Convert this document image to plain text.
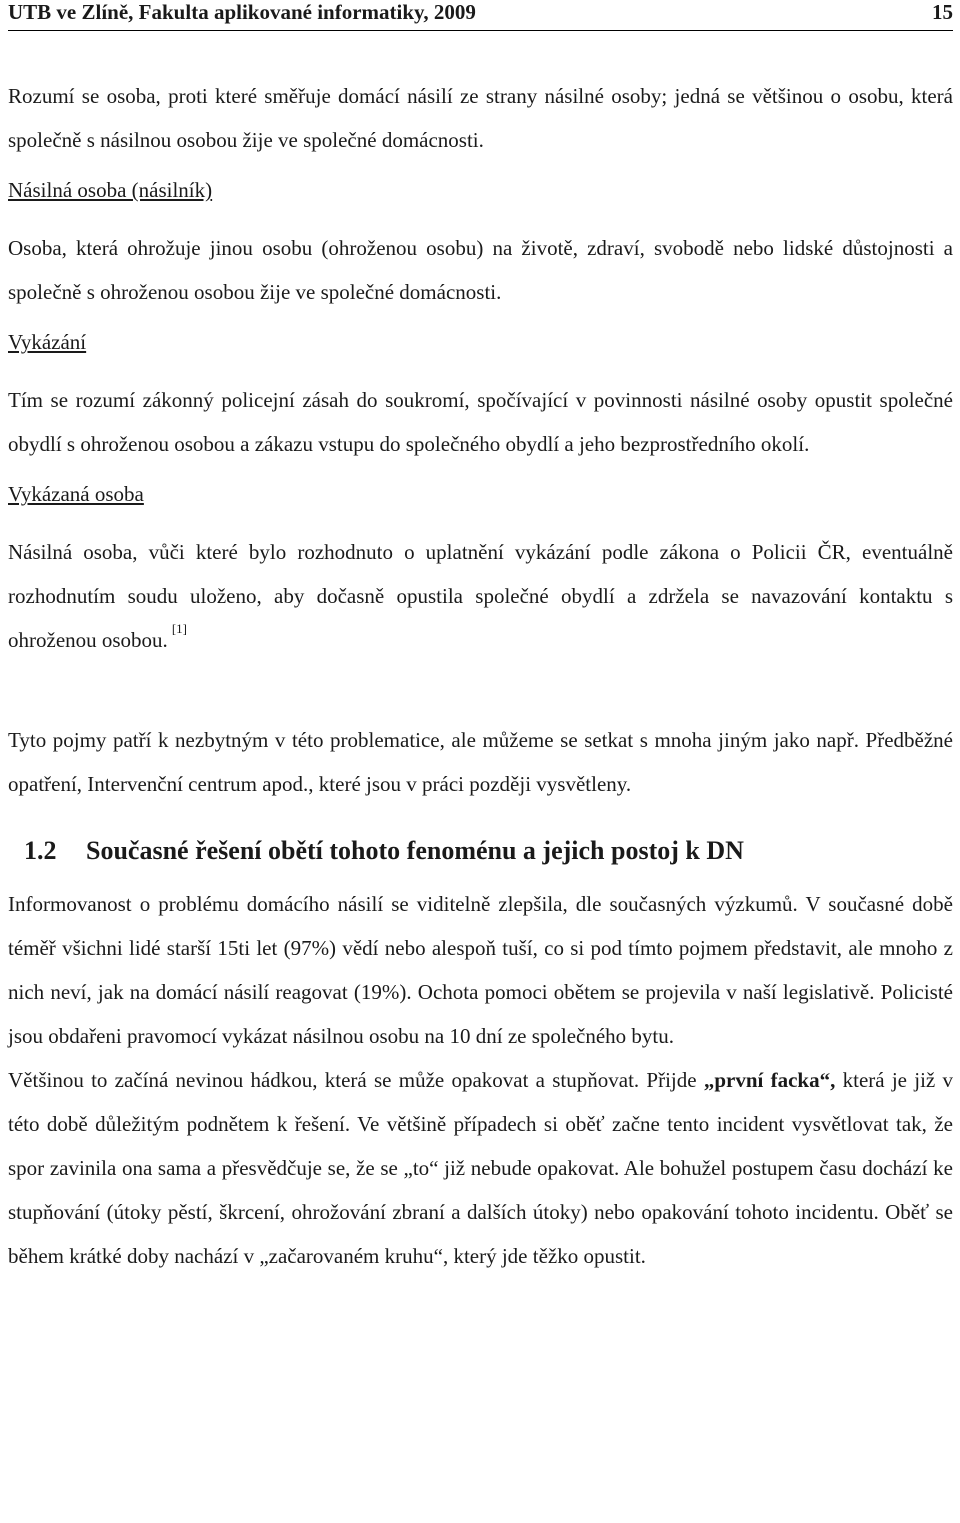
UTB ve Zlíně, Fakulta aplikované informatiky, 2009	15

Rozumí se osoba, proti které směřuje domácí násilí ze strany násilné osoby; jedná se většinou o osobu, která společně s násilnou osobou žije ve společné domácnosti.

Násilná osoba (násilník)

Osoba, která ohrožuje jinou osobu (ohroženou osobu) na životě, zdraví, svobodě nebo lidské důstojnosti a společně s ohroženou osobou žije ve společné domácnosti.

Vykázání

Tím se rozumí zákonný policejní zásah do soukromí, spočívající v povinnosti násilné osoby opustit společné obydlí s ohroženou osobou a zákazu vstupu do společného obydlí a jeho bezprostředního okolí.

Vykázaná osoba

Násilná osoba, vůči které bylo rozhodnuto o uplatnění vykázání podle zákona o Policii ČR, eventuálně rozhodnutím soudu uloženo, aby dočasně opustila společné obydlí a zdržela se navazování kontaktu s ohroženou osobou. [1]

Tyto pojmy patří k nezbytným v této problematice, ale můžeme se setkat s mnoha jiným jako např. Předběžné opatření, Intervenční centrum apod., které jsou v práci později vysvětleny.

1.2 Současné řešení obětí tohoto fenoménu a jejich postoj k DN

Informovanost o problému domácího násilí se viditelně zlepšila, dle současných výzkumů. V současné době téměř všichni lidé starší 15ti let (97%) vědí nebo alespoň tuší, co si pod tímto pojmem představit, ale mnoho z nich neví, jak na domácí násilí reagovat (19%). Ochota pomoci obětem se projevila v naší legislativě. Policisté jsou obdařeni pravomocí vykázat násilnou osobu na 10 dní ze společného bytu.

Většinou to začíná nevinou hádkou, která se může opakovat a stupňovat. Přijde „první facka“, která je již v této době důležitým podnětem k řešení. Ve většině případech si oběť začne tento incident vysvětlovat tak, že spor zavinila ona sama a přesvědčuje se, že se „to“ již nebude opakovat. Ale bohužel postupem času dochází ke stupňování (útoky pěstí, škrcení, ohrožování zbraní a dalších útoky) nebo opakování tohoto incidentu. Oběť se během krátké doby nachází v „začarovaném kruhu“, který jde těžko opustit.
